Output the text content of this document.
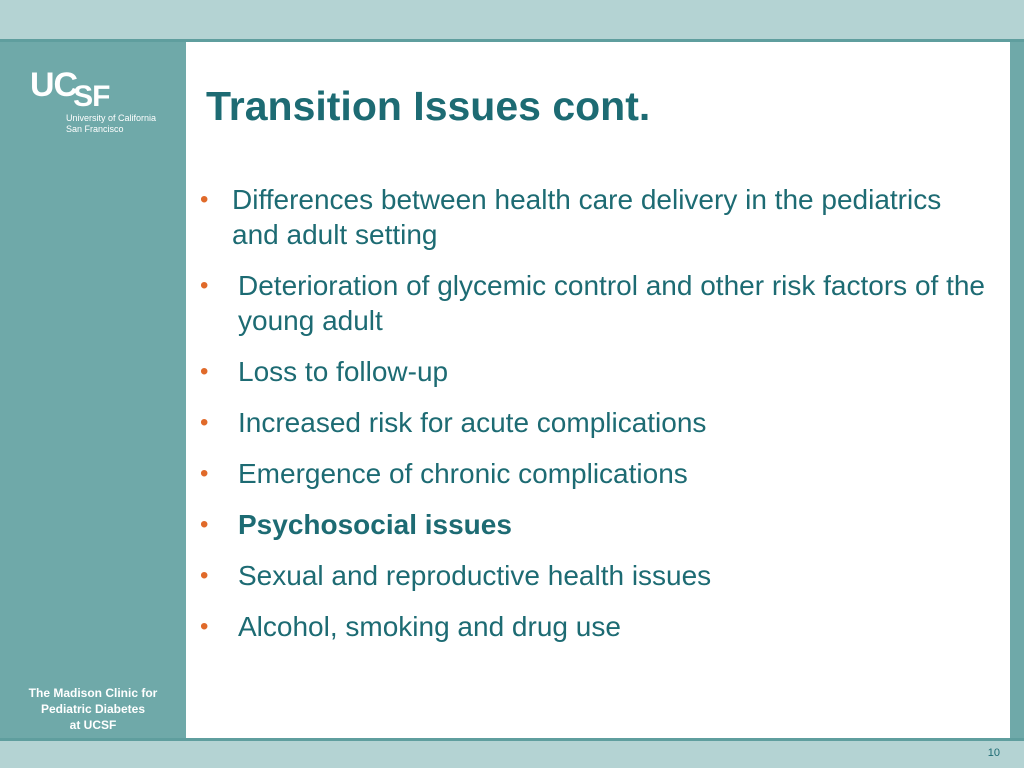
UCSF
University of California
San Francisco
The Madison Clinic for
Pediatric Diabetes
at UCSF
Transition Issues cont.
• Differences between health care delivery in the pediatrics and adult setting
• Deterioration of glycemic control and other risk factors of the young adult
• Loss to follow-up
• Increased risk for acute complications
• Emergence of chronic complications
• Psychosocial issues
• Sexual and reproductive health issues
• Alcohol, smoking and drug use
10
